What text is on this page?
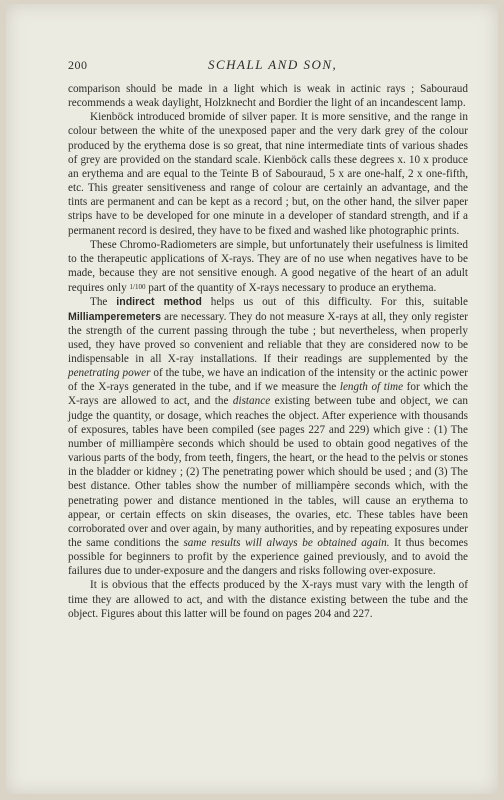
200	SCHALL AND SON,

comparison should be made in a light which is weak in actinic rays ; Sabouraud recommends a weak daylight, Holzknecht and Bordier the light of an incandescent lamp.

Kienböck introduced bromide of silver paper. It is more sensitive, and the range in colour between the white of the unexposed paper and the very dark grey of the colour produced by the erythema dose is so great, that nine intermediate tints of various shades of grey are provided on the standard scale. Kienböck calls these degrees x. 10 x produce an erythema and are equal to the Teinte B of Sabouraud, 5 x are one-half, 2 x one-fifth, etc. This greater sensitiveness and range of colour are certainly an advantage, and the tints are permanent and can be kept as a record ; but, on the other hand, the silver paper strips have to be developed for one minute in a developer of standard strength, and if a permanent record is desired, they have to be fixed and washed like photographic prints.

These Chromo-Radiometers are simple, but unfortunately their usefulness is limited to the therapeutic applications of X-rays. They are of no use when negatives have to be made, because they are not sensitive enough. A good negative of the heart of an adult requires only 1/100 part of the quantity of X-rays necessary to produce an erythema.

The indirect method helps us out of this difficulty. For this, suitable Milliamperemeters are necessary. They do not measure X-rays at all, they only register the strength of the current passing through the tube ; but nevertheless, when properly used, they have proved so convenient and reliable that they are considered now to be indispensable in all X-ray installations. If their readings are supplemented by the penetrating power of the tube, we have an indication of the intensity or the actinic power of the X-rays generated in the tube, and if we measure the length of time for which the X-rays are allowed to act, and the distance existing between tube and object, we can judge the quantity, or dosage, which reaches the object. After experience with thousands of exposures, tables have been compiled (see pages 227 and 229) which give : (1) The number of milliampère seconds which should be used to obtain good negatives of the various parts of the body, from teeth, fingers, the heart, or the head to the pelvis or stones in the bladder or kidney ; (2) The penetrating power which should be used ; and (3) The best distance. Other tables show the number of milliampère seconds which, with the penetrating power and distance mentioned in the tables, will cause an erythema to appear, or certain effects on skin diseases, the ovaries, etc. These tables have been corroborated over and over again, by many authorities, and by repeating exposures under the same conditions the same results will always be obtained again. It thus becomes possible for beginners to profit by the experience gained previously, and to avoid the failures due to under-exposure and the dangers and risks following over-exposure.

It is obvious that the effects produced by the X-rays must vary with the length of time they are allowed to act, and with the distance existing between the tube and the object. Figures about this latter will be found on pages 204 and 227.
